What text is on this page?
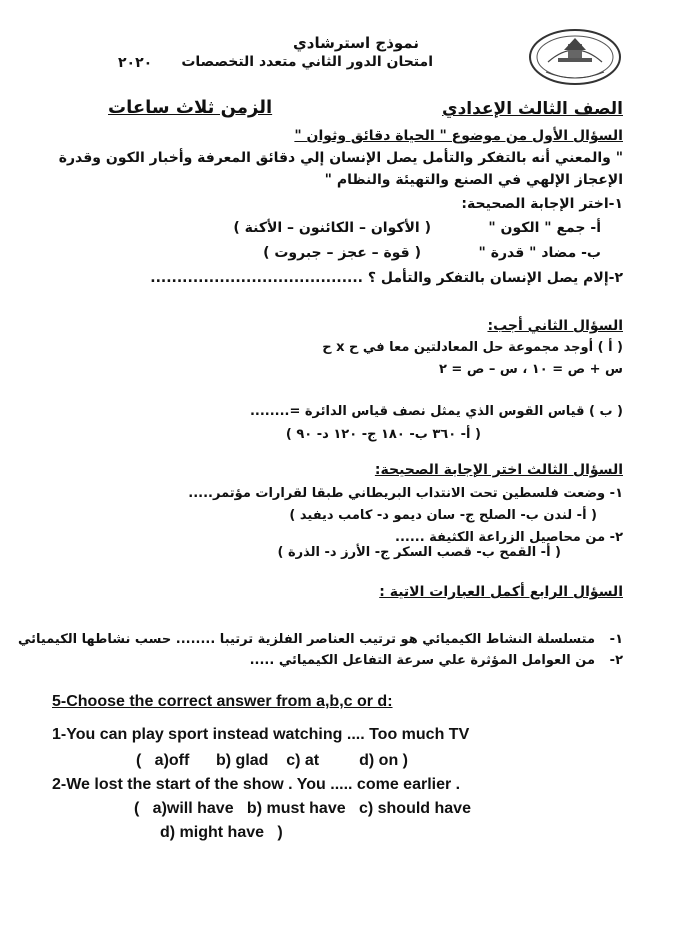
نموذج استرشادي
امتحان الدور الثاني متعدد التخصصات
٢٠٢٠
الصف الثالث الإعدادي
الزمن ثلاث ساعات
السؤال الأول من موضوع " الحياة دقائق وثوان "
" والمعني أنه بالتفكر والتأمل يصل الإنسان إلي دقائق المعرفة وأخبار الكون وقدرة
الإعجاز الإلهي في الصنع والتهيئة والنظام "
١-اختر الإجابة الصحيحة:
أ- جمع " الكون "
( الأكوان – الكائنون – الأكنة )
ب- مضاد " قدرة "
( قوة – عجز – جبروت )
٢-إلام يصل الإنسان بالتفكر والتأمل ؟ ........................................
السؤال الثاني أجب:
( أ ) أوجد مجموعة حل المعادلتين معا في ح x ح
س + ص = ١٠ ، س – ص = ٢
( ب ) قياس القوس الذي يمثل نصف قياس الدائرة =........
( أ- ٣٦٠ ب- ١٨٠ ج- ١٢٠ د- ٩٠ )
السؤال الثالث اختر الإجابة الصحيحة:
١- وضعت فلسطين تحت الانتداب البريطاني طبقا لقرارات مؤتمر.....
( أ- لندن ب- الصلح ج- سان ديمو د- كامب ديفيد )
٢- من محاصيل الزراعة الكثيفة ......
( أ- القمح ب- قصب السكر ج- الأرز د- الذرة )
السؤال الرابع أكمل العبارات الاتية :
١-
متسلسلة النشاط الكيميائي هو ترتيب العناصر الفلزية ترتيبا ........ حسب نشاطها الكيميائي
٢-
من العوامل المؤثرة علي سرعة التفاعل الكيميائي .....
5-Choose the correct answer from a,b,c or d:
1-You can play sport instead watching .... Too much TV
(   a)off      b) glad    c) at         d) on )
2-We lost the start of the show . You ..... come earlier .
(   a)will have   b) must have   c) should have
d) might have   )
